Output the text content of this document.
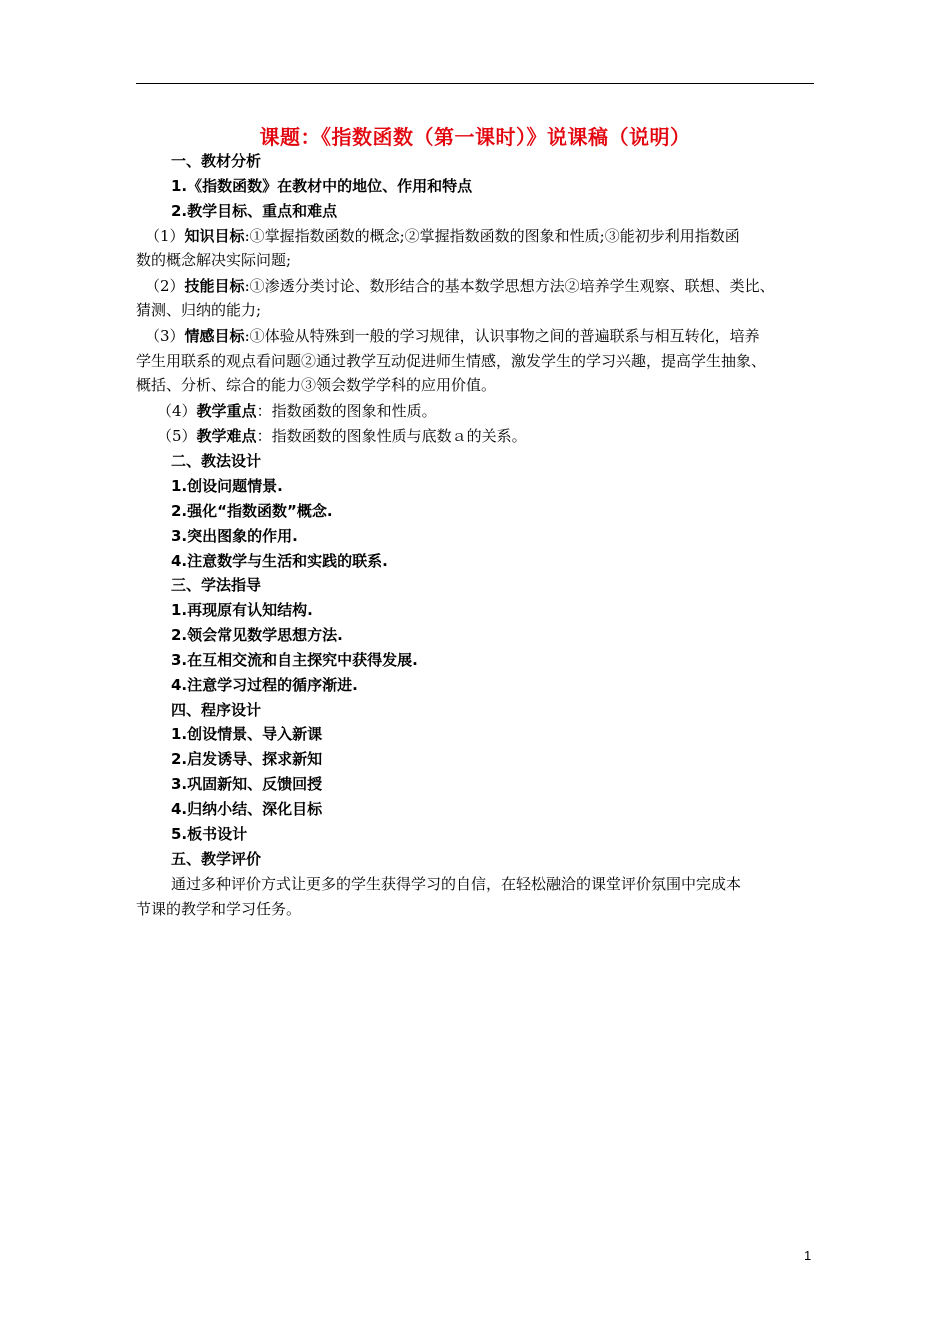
课题：《指数函数（第一课时）》说课稿（说明）
一、教材分析
1.《指数函数》在教材中的地位、作用和特点
2.教学目标、重点和难点
（1）知识目标:①掌握指数函数的概念;②掌握指数函数的图象和性质;③能初步利用指数函
数的概念解决实际问题;
（2）技能目标:①渗透分类讨论、数形结合的基本数学思想方法②培养学生观察、联想、类比、
猜测、归纳的能力;
（3）情感目标:①体验从特殊到一般的学习规律，认识事物之间的普遍联系与相互转化，培养
学生用联系的观点看问题②通过教学互动促进师生情感，激发学生的学习兴趣，提高学生抽象、
概括、分析、综合的能力③领会数学学科的应用价值。
（4）教学重点：指数函数的图象和性质。
（5）教学难点：指数函数的图象性质与底数ａ的关系。
二、教法设计
1.创设问题情景.
2.强化“指数函数”概念.
3.突出图象的作用.
4.注意数学与生活和实践的联系.
三、学法指导
1.再现原有认知结构.
2.领会常见数学思想方法.
3.在互相交流和自主探究中获得发展.
4.注意学习过程的循序渐进.
四、程序设计
1.创设情景、导入新课
2.启发诱导、探求新知
3.巩固新知、反馈回授
4.归纳小结、深化目标
5.板书设计
五、教学评价
通过多种评价方式让更多的学生获得学习的自信，在轻松融洽的课堂评价氛围中完成本
节课的教学和学习任务。
1
